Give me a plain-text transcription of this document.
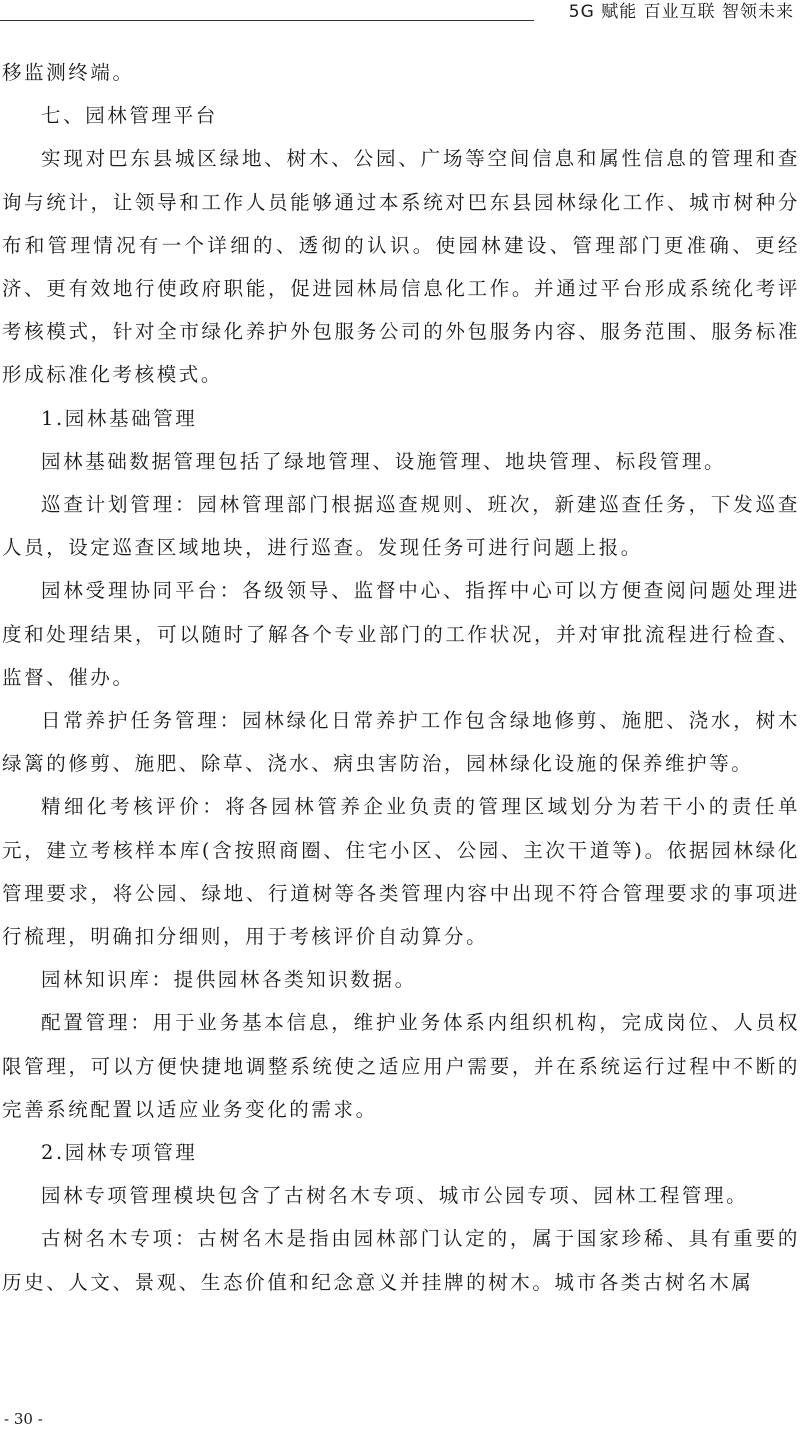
5G 赋能 百业互联 智领未来

移监测终端。

七、园林管理平台

实现对巴东县城区绿地、树木、公园、广场等空间信息和属性信息的管理和查询与统计，让领导和工作人员能够通过本系统对巴东县园林绿化工作、城市树种分布和管理情况有一个详细的、透彻的认识。使园林建设、管理部门更准确、更经济、更有效地行使政府职能，促进园林局信息化工作。并通过平台形成系统化考评考核模式，针对全市绿化养护外包服务公司的外包服务内容、服务范围、服务标准形成标准化考核模式。

1.园林基础管理

园林基础数据管理包括了绿地管理、设施管理、地块管理、标段管理。

巡查计划管理：园林管理部门根据巡查规则、班次，新建巡查任务，下发巡查人员，设定巡查区域地块，进行巡查。发现任务可进行问题上报。

园林受理协同平台：各级领导、监督中心、指挥中心可以方便查阅问题处理进度和处理结果，可以随时了解各个专业部门的工作状况，并对审批流程进行检查、监督、催办。

日常养护任务管理：园林绿化日常养护工作包含绿地修剪、施肥、浇水，树木绿篱的修剪、施肥、除草、浇水、病虫害防治，园林绿化设施的保养维护等。

精细化考核评价：将各园林管养企业负责的管理区域划分为若干小的责任单元，建立考核样本库(含按照商圈、住宅小区、公园、主次干道等)。依据园林绿化管理要求，将公园、绿地、行道树等各类管理内容中出现不符合管理要求的事项进行梳理，明确扣分细则，用于考核评价自动算分。

园林知识库：提供园林各类知识数据。

配置管理：用于业务基本信息，维护业务体系内组织机构，完成岗位、人员权限管理，可以方便快捷地调整系统使之适应用户需要，并在系统运行过程中不断的完善系统配置以适应业务变化的需求。

2.园林专项管理

园林专项管理模块包含了古树名木专项、城市公园专项、园林工程管理。

古树名木专项：古树名木是指由园林部门认定的，属于国家珍稀、具有重要的历史、人文、景观、生态价值和纪念意义并挂牌的树木。城市各类古树名木属

- 30 -
